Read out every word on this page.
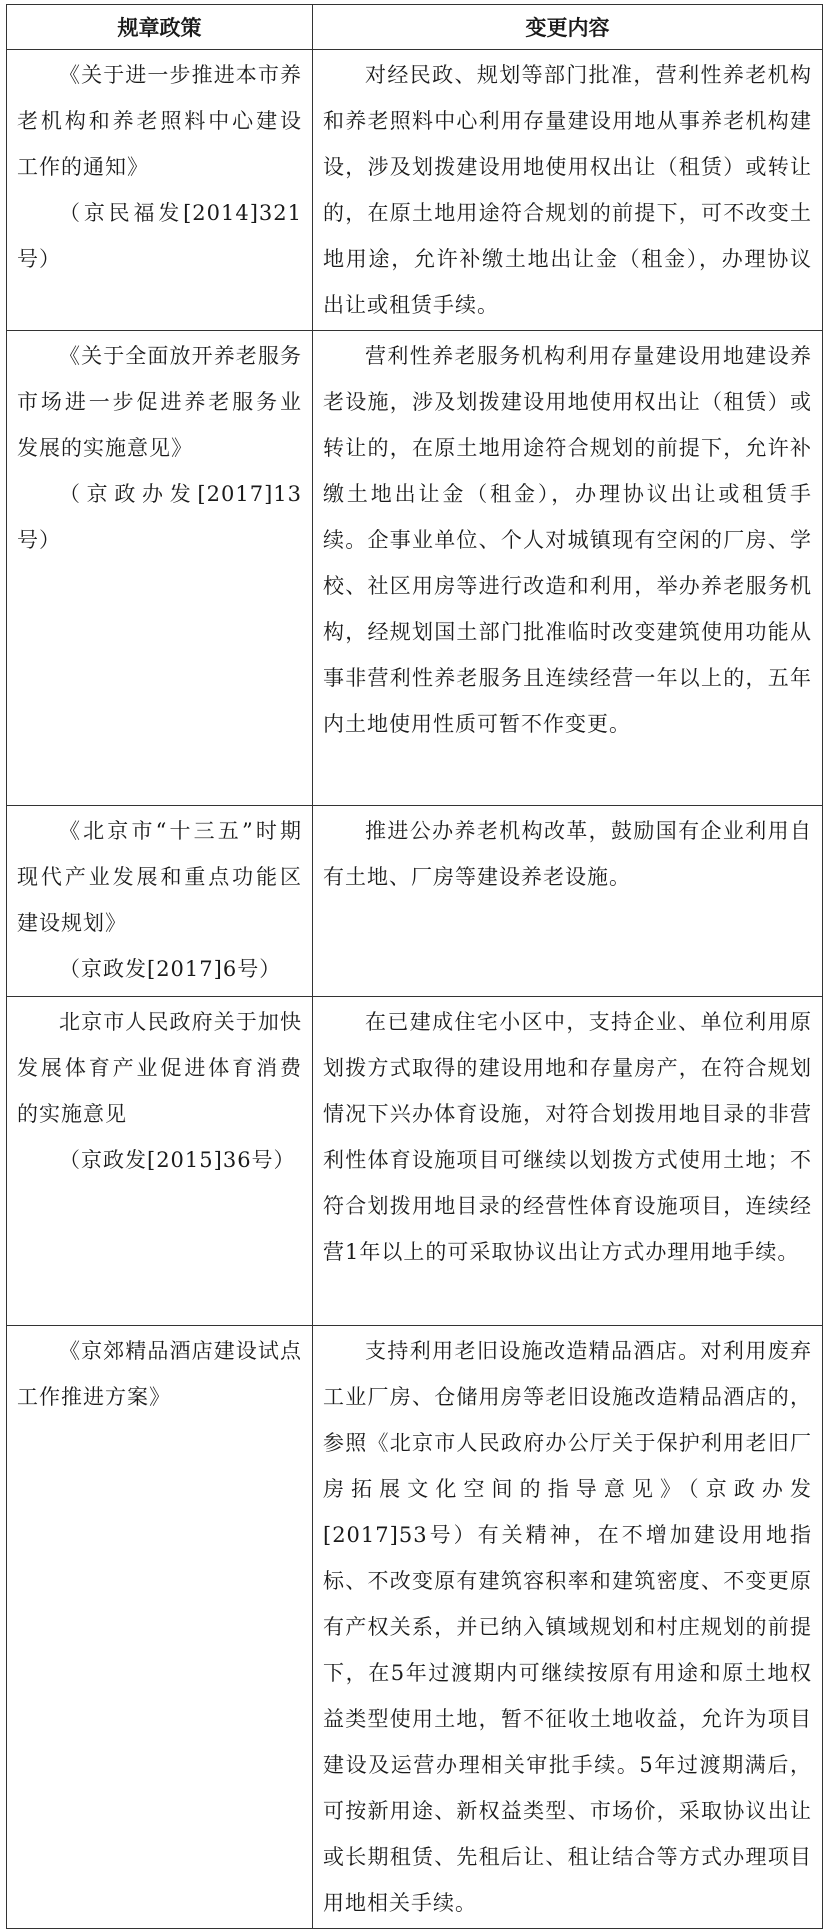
规章政策	变更内容

《关于进一步推进本市养老机构和养老照料中心建设工作的通知》

（京民福发[2014]321号）	对经民政、规划等部门批准，营利性养老机构和养老照料中心利用存量建设用地从事养老机构建设，涉及划拨建设用地使用权出让（租赁）或转让的，在原土地用途符合规划的前提下，可不改变土地用途，允许补缴土地出让金（租金），办理协议出让或租赁手续。

《关于全面放开养老服务市场进一步促进养老服务业发展的实施意见》

（京政办发[2017]13号）	营利性养老服务机构利用存量建设用地建设养老设施，涉及划拨建设用地使用权出让（租赁）或转让的，在原土地用途符合规划的前提下，允许补缴土地出让金（租金），办理协议出让或租赁手续。企事业单位、个人对城镇现有空闲的厂房、学校、社区用房等进行改造和利用，举办养老服务机构，经规划国土部门批准临时改变建筑使用功能从事非营利性养老服务且连续经营一年以上的，五年内土地使用性质可暂不作变更。

《北京市“十三五”时期现代产业发展和重点功能区建设规划》

（京政发[2017]6号）	推进公办养老机构改革，鼓励国有企业利用自有土地、厂房等建设养老设施。

北京市人民政府关于加快发展体育产业促进体育消费的实施意见

（京政发[2015]36号）	在已建成住宅小区中，支持企业、单位利用原划拨方式取得的建设用地和存量房产，在符合规划情况下兴办体育设施，对符合划拨用地目录的非营利性体育设施项目可继续以划拨方式使用土地；不符合划拨用地目录的经营性体育设施项目，连续经营1年以上的可采取协议出让方式办理用地手续。

《京郊精品酒店建设试点工作推进方案》	支持利用老旧设施改造精品酒店。对利用废弃工业厂房、仓储用房等老旧设施改造精品酒店的，参照《北京市人民政府办公厅关于保护利用老旧厂房拓展文化空间的指导意见》（京政办发[2017]53号）有关精神，在不增加建设用地指标、不改变原有建筑容积率和建筑密度、不变更原有产权关系，并已纳入镇域规划和村庄规划的前提下，在5年过渡期内可继续按原有用途和原土地权益类型使用土地，暂不征收土地收益，允许为项目建设及运营办理相关审批手续。5年过渡期满后，可按新用途、新权益类型、市场价，采取协议出让或长期租赁、先租后让、租让结合等方式办理项目用地相关手续。
